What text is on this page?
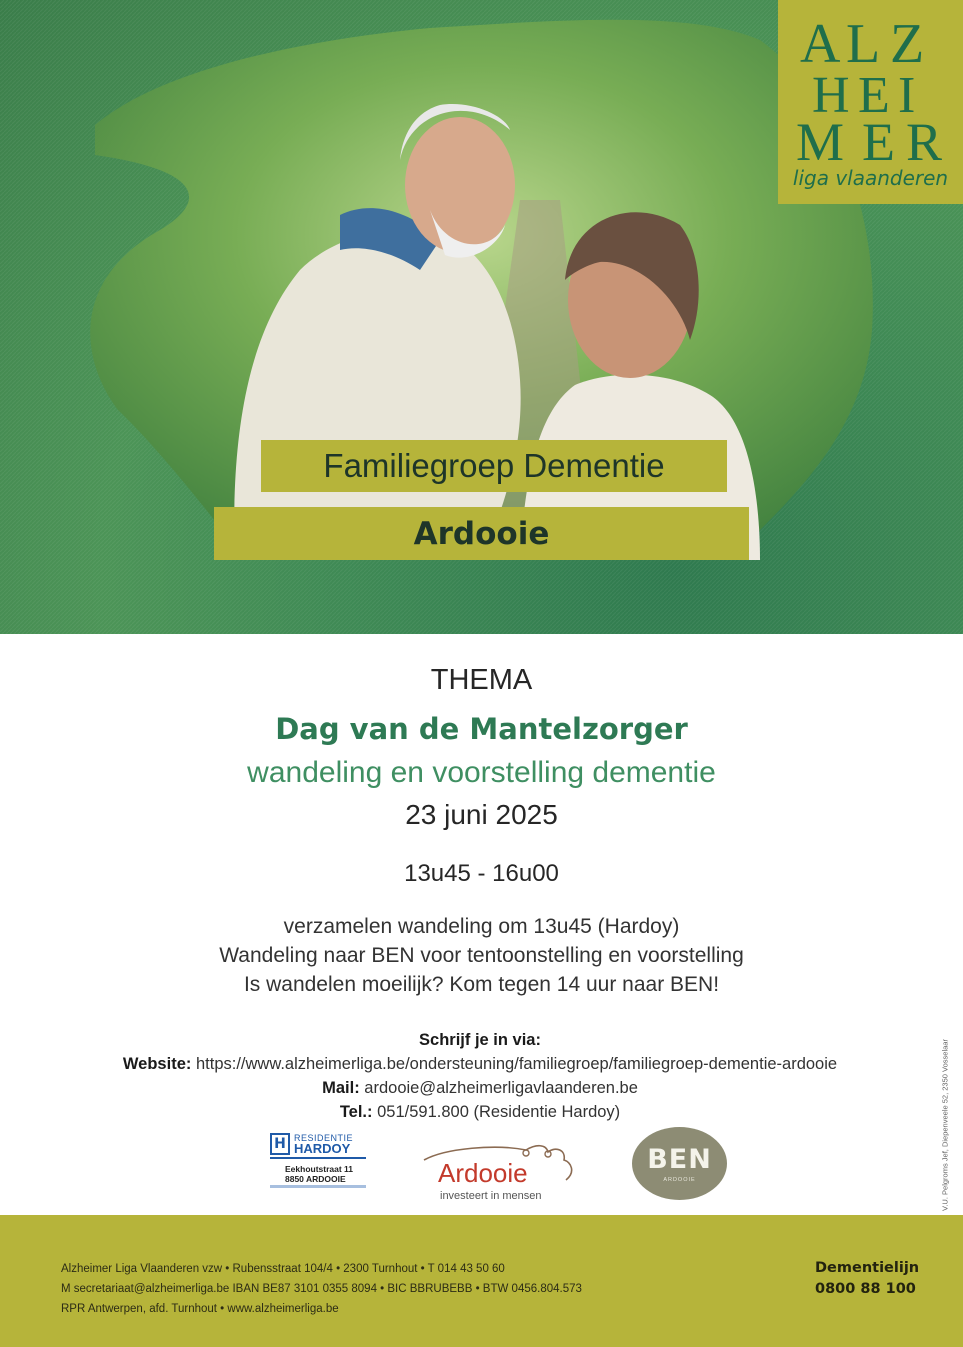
A L Z
H E I
M E R
liga vlaanderen
Familiegroep Dementie
Ardooie
THEMA
Dag van de Mantelzorger
wandeling en voorstelling dementie
23 juni 2025
13u45 - 16u00
verzamelen wandeling om 13u45 (Hardoy)
Wandeling naar BEN voor tentoonstelling en voorstelling
Is wandelen moeilijk? Kom tegen 14 uur naar BEN!
Schrijf je in via:
Website: https://www.alzheimerliga.be/ondersteuning/familiegroep/familiegroep-dementie-ardooie Mail: ardooie@alzheimerligavlaanderen.be
Tel.: 051/591.800 (Residentie Hardoy)	V.U. Pelgroms Jef, Diepenveele 52, 2350 Vosselaar
H RESIDENTIE
HARDOY
Eekhoutstraat 11
8850 ARDOOIE	Ardooie
investeert in mensen
BEN
ARDOOIE
Alzheimer Liga Vlaanderen vzw • Rubensstraat 104/4 • 2300 Turnhout • T 014 43 50 60
M secretariaat@alzheimerliga.be IBAN BE87 3101 0355 8094 • BIC BBRUBEBB • BTW 0456.804.573
RPR Antwerpen, afd. Turnhout • www.alzheimerliga.be
Dementielijn
0800 88 100
